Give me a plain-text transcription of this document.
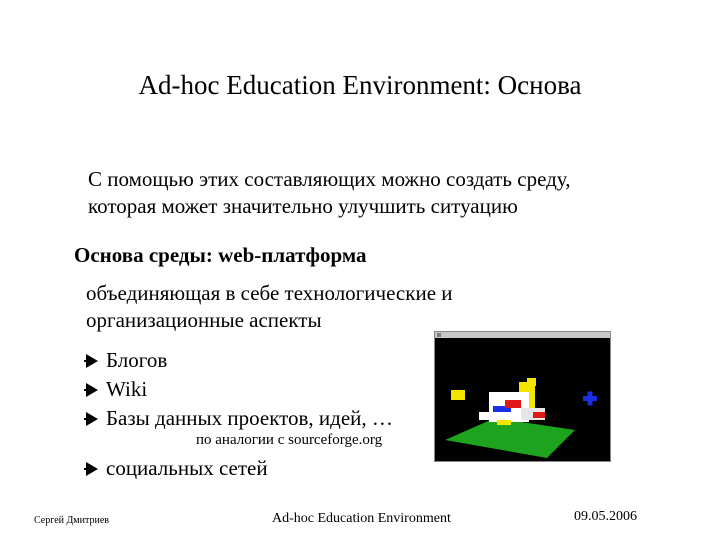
Ad-hoc Education Environment: Основа
С помощью этих составляющих можно создать среду,
которая может значительно улучшить ситуацию
Основа среды: web-платформа
объединяющая в себе технологические и
организационные аспекты
Блогов
Wiki
Базы данных проектов, идей, …
по аналогии с sourceforge.org
социальных сетей
Сергей Дмитриев	Ad-hoc Education Environment	09.05.2006
